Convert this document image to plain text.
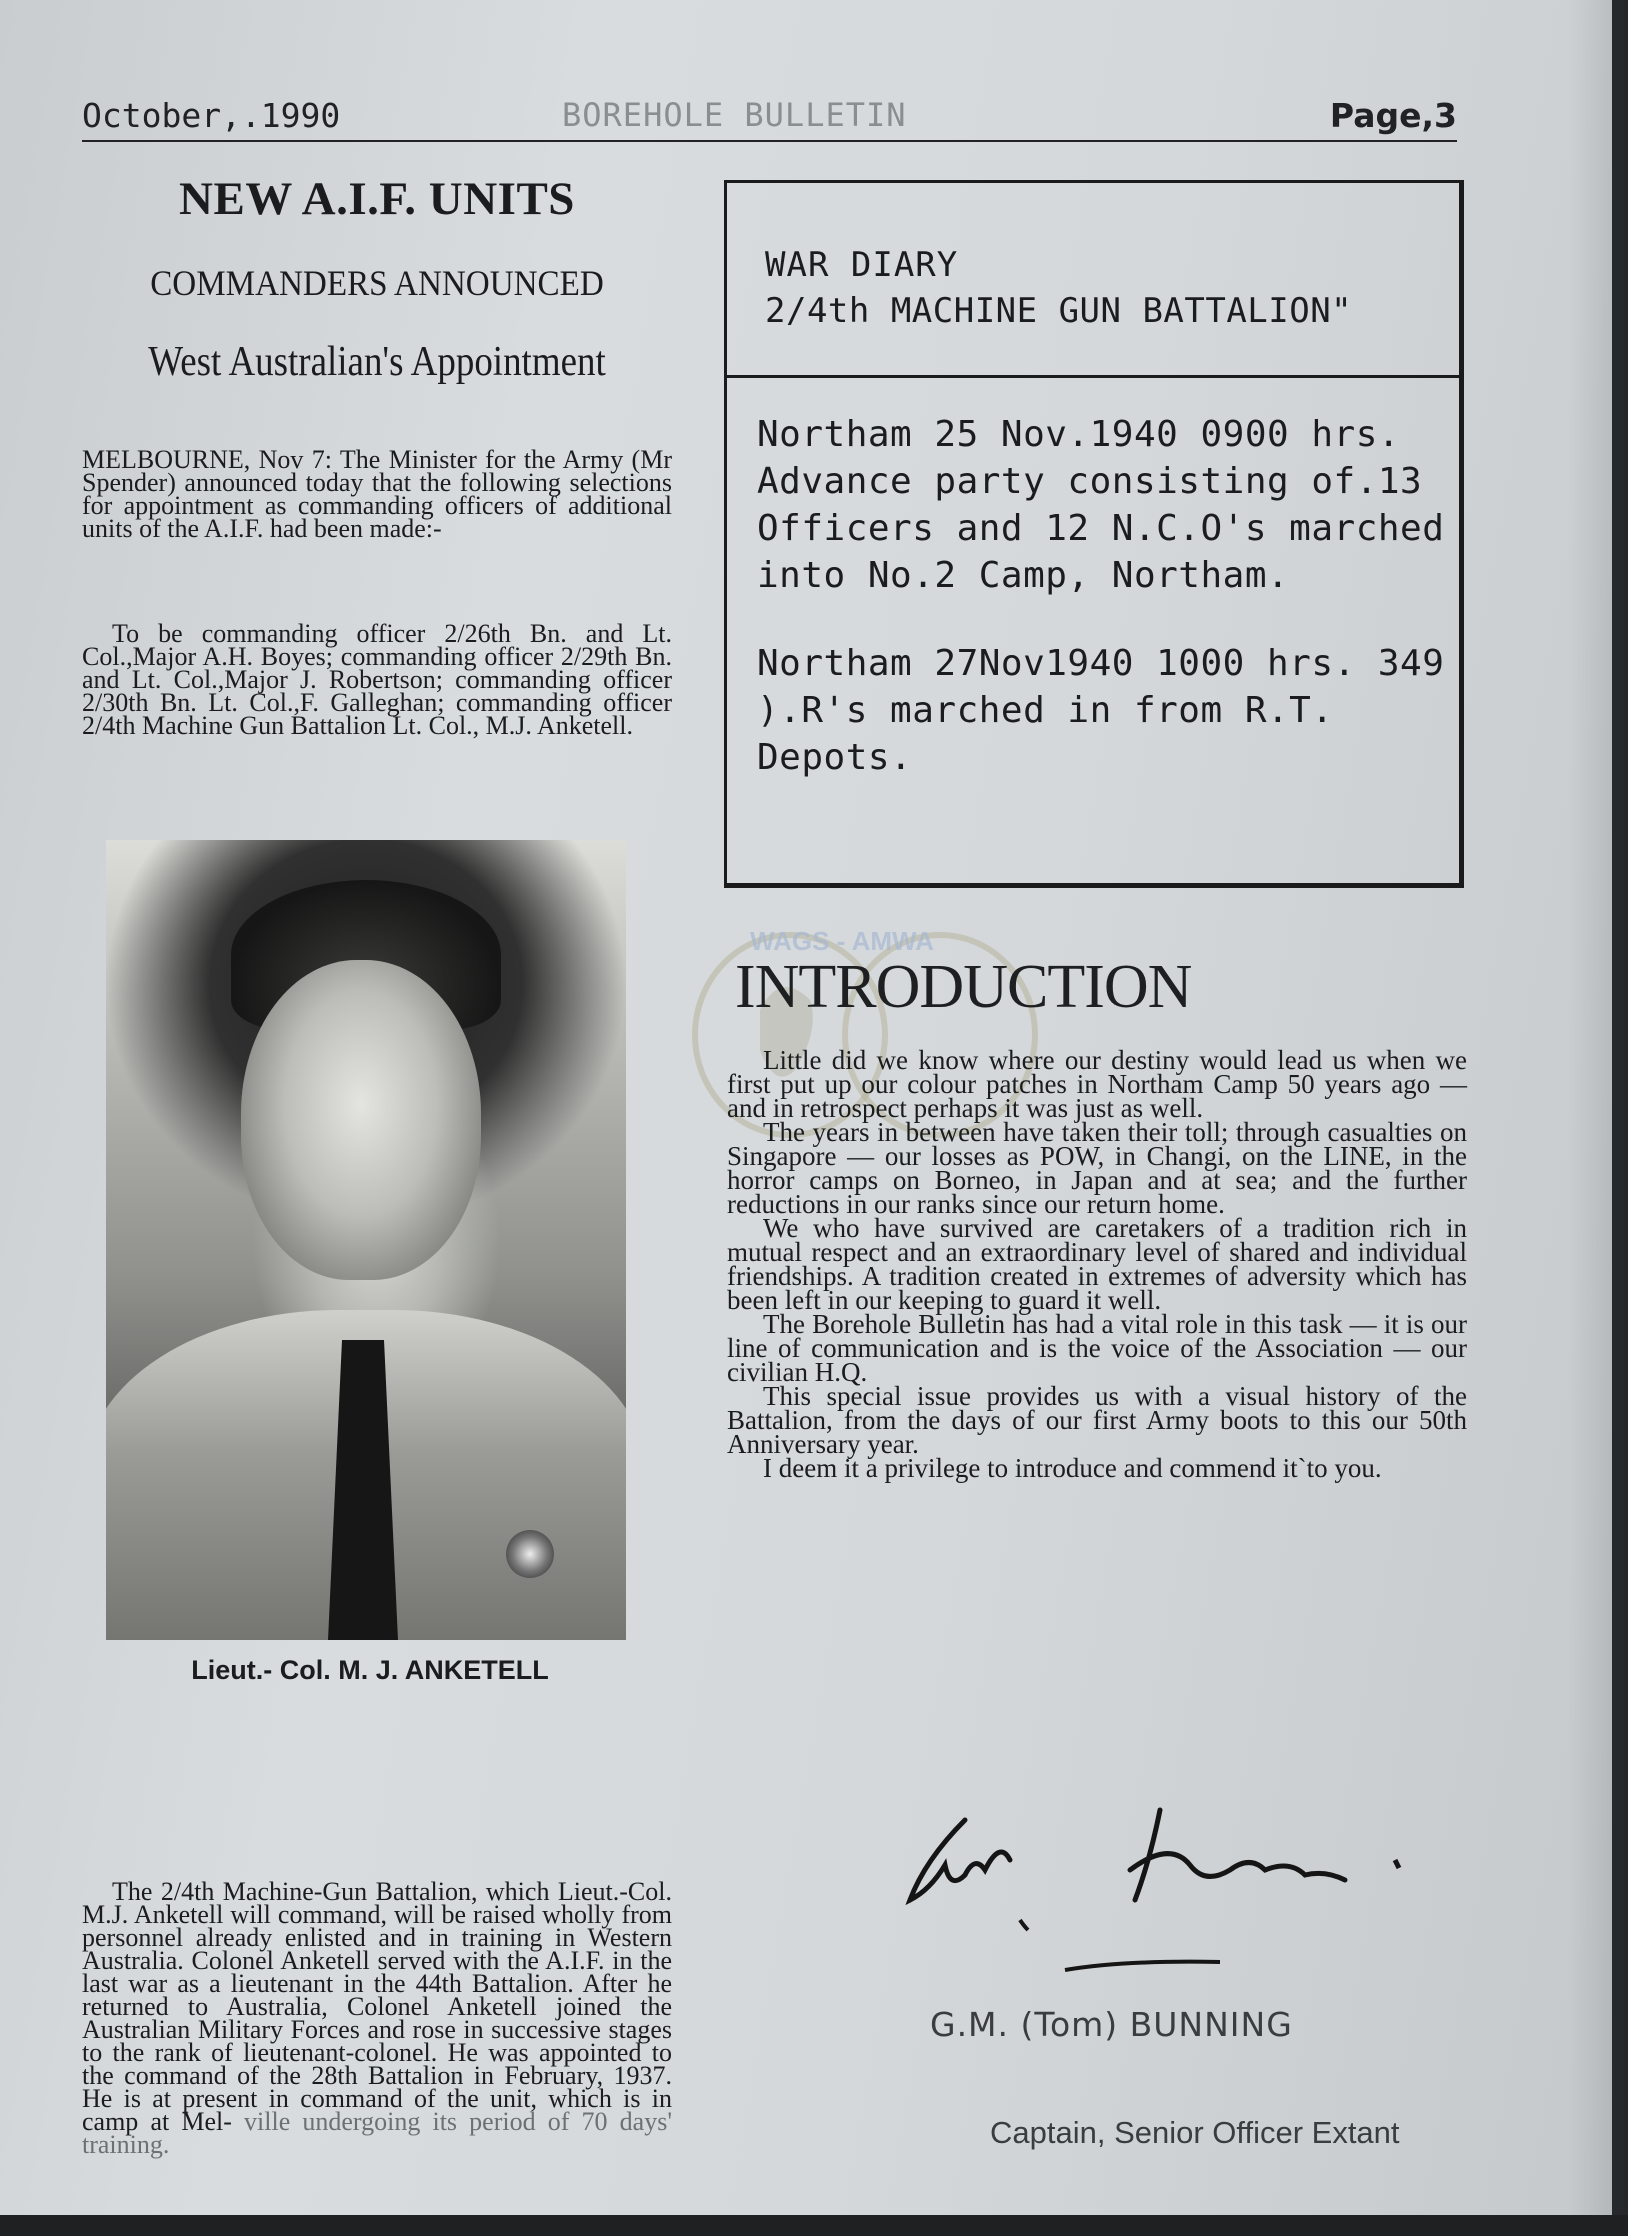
October,.1990	BOREHOLE BULLETIN	Page,3
NEW A.I.F. UNITS
COMMANDERS ANNOUNCED
West Australian's Appointment

MELBOURNE, Nov 7: The Minister for the Army (Mr Spender) announced today that the following selections for appointment as commanding officers of additional units of the A.I.F. had been made:-

To be commanding officer 2/26th Bn. and Lt. Col.,Major A.H. Boyes; commanding officer 2/29th Bn. and Lt. Col.,Major J. Robertson; commanding officer 2/30th Bn. Lt. Col.,F. Galleghan; commanding officer 2/4th Machine Gun Battalion Lt. Col., M.J. Anketell.

The 2/4th Machine-Gun Battalion, which Lieut.-Col. M.J. Anketell will command, will be raised wholly from personnel already enlisted and in training in Western Australia. Colonel Anketell served with the A.I.F. in the last war as a lieutenant in the 44th Battalion. After he returned to Australia, Colonel Anketell joined the Australian Military Forces and rose in successive stages to the rank of lieutenant-colonel. He was appointed to the command of the 28th Battalion in February, 1937. He is at present in command of the unit, which is in camp at Mel- ville undergoing its period of 70 days' training.

Lieut.- Col. M. J. ANKETELL
WAR DIARY
2/4th MACHINE GUN BATTALION"
Northam 25 Nov.1940 0900 hrs. Advance party consisting of.13 Officers and 12 N.C.O's marched into No.2 Camp, Northam.
Northam 27Nov1940 1000 hrs. 349 ).R's marched in from R.T. Depots.
WAGS - AMWA
INTRODUCTION

Little did we know where our destiny would lead us when we first put up our colour patches in Northam Camp 50 years ago — and in retrospect perhaps it was just as well.

The years in between have taken their toll; through casualties on Singapore — our losses as POW, in Changi, on the LINE, in the horror camps on Borneo, in Japan and at sea; and the further reductions in our ranks since our return home.

We who have survived are caretakers of a tradition rich in mutual respect and an extraordinary level of shared and individual friendships. A tradition created in extremes of adversity which has been left in our keeping to guard it well.

The Borehole Bulletin has had a vital role in this task — it is our line of communication and is the voice of the Association — our civilian H.Q.

This special issue provides us with a visual history of the Battalion, from the days of our first Army boots to this our 50th Anniversary year.

I deem it a privilege to introduce and commend it`to you.

G.M. (Tom) BUNNING
Captain, Senior Officer Extant
